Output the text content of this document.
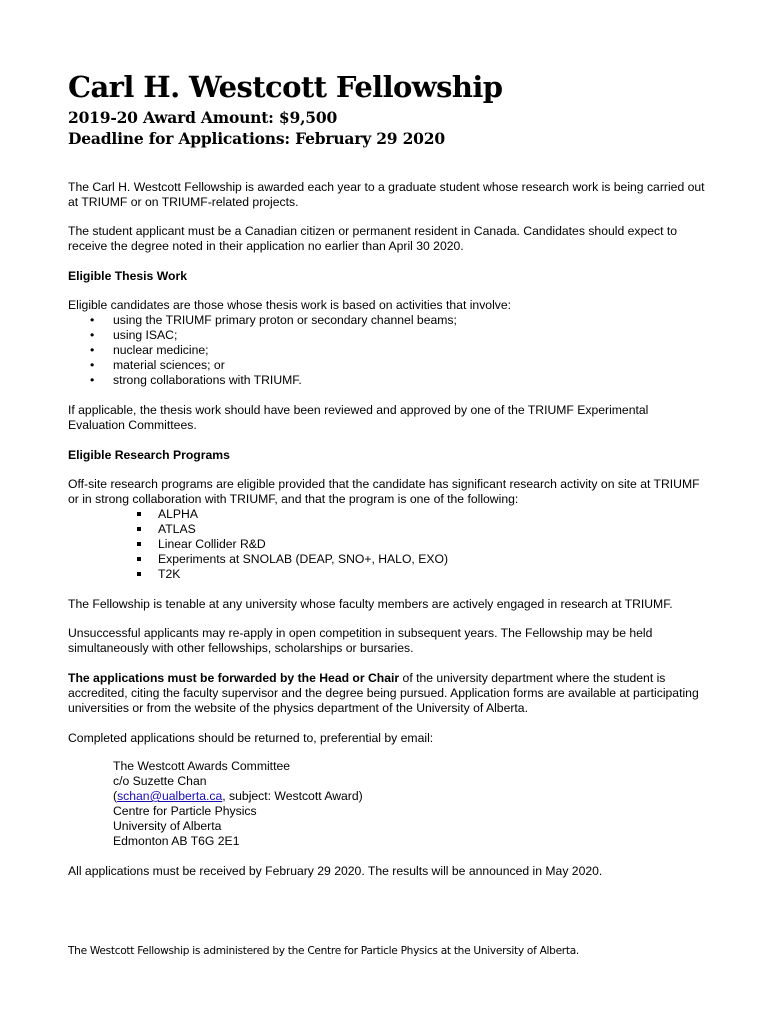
Carl H. Westcott Fellowship
2019-20 Award Amount: $9,500
Deadline for Applications: February 29 2020

The Carl H. Westcott Fellowship is awarded each year to a graduate student whose research work is being carried out at TRIUMF or on TRIUMF-related projects.

The student applicant must be a Canadian citizen or permanent resident in Canada. Candidates should expect to receive the degree noted in their application no earlier than April 30 2020.

Eligible Thesis Work

Eligible candidates are those whose thesis work is based on activities that involve:

• using the TRIUMF primary proton or secondary channel beams;
• using ISAC;
• nuclear medicine;
• material sciences; or
• strong collaborations with TRIUMF.

If applicable, the thesis work should have been reviewed and approved by one of the TRIUMF Experimental Evaluation Committees.

Eligible Research Programs

Off-site research programs are eligible provided that the candidate has significant research activity on site at TRIUMF or in strong collaboration with TRIUMF, and that the program is one of the following:

ALPHA
ATLAS
Linear Collider R&D
Experiments at SNOLAB (DEAP, SNO+, HALO, EXO)
T2K

The Fellowship is tenable at any university whose faculty members are actively engaged in research at TRIUMF.

Unsuccessful applicants may re-apply in open competition in subsequent years. The Fellowship may be held simultaneously with other fellowships, scholarships or bursaries.

The applications must be forwarded by the Head or Chair of the university department where the student is accredited, citing the faculty supervisor and the degree being pursued. Application forms are available at participating universities or from the website of the physics department of the University of Alberta.

Completed applications should be returned to, preferential by email:

The Westcott Awards Committee
c/o Suzette Chan
(schan@ualberta.ca, subject: Westcott Award)
Centre for Particle Physics
University of Alberta
Edmonton AB T6G 2E1

All applications must be received by February 29 2020. The results will be announced in May 2020.

The Westcott Fellowship is administered by the Centre for Particle Physics at the University of Alberta.
